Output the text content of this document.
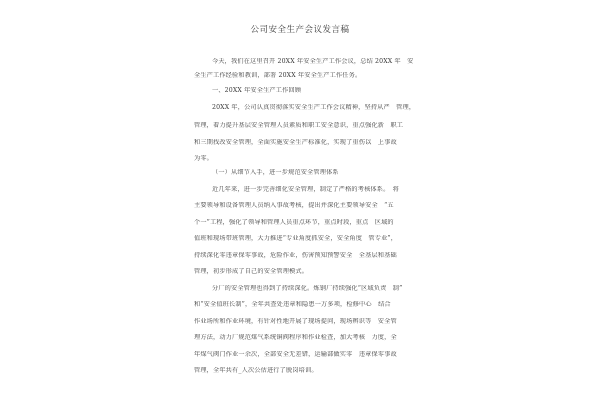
公司安全生产会议发言稿
今天，我们在这里召开 20XX 年安全生产工作会议，总结 20XX 年　安
全生产工作经验和教训，部署 20XX 年安全生产工作任务。
一、20XX 年安全生产工作回顾
20XX 年，公司认真贯彻落实安全生产工作会议精神，坚持从严　管理，
管理，着力提升基层安全管理人员素质和职工安全意识，重点强化新　职工
和三期找改安全管理，全面实施安全生产标准化，实现了重伤以　上事故
为零。
（一）从细节入手，进一步规范安全管理体系
近几年来，进一步完善细化安全管理，制定了严格的考核体系。　将
主要领导和设备管理人员纳入事故考核，提出并深化主要领导安全　“五
个一”工程，强化了领导和管理人员重点环节，重点时段，重点　区域的
值班和现场带班管理，大力推进“专业角度抓安全，安全角度　管专业”，
持续深化零违章保零事故，危险作业，伤害预知预警安全　全基层和基础
管理，初步形成了自己的安全管理模式。
分厂的安全管理也得到了持续深化。炼钢厂持续强化“区域负责　制”
和“安全值班长制”，全年共查处违章和隐患一万多项，检修中心　结合
作业场所和作业环境，有针对性地开展了现场提问，现场辨识等　安全管
理方法，动力厂规范煤气系统铜阀程序和作业检查，加大考核　力度，全
年煤气阀门作业一余次，全部安全无差错，运输部做实零　违章保零事故
管理，全年共有_人次公估进行了脱岗培训。
